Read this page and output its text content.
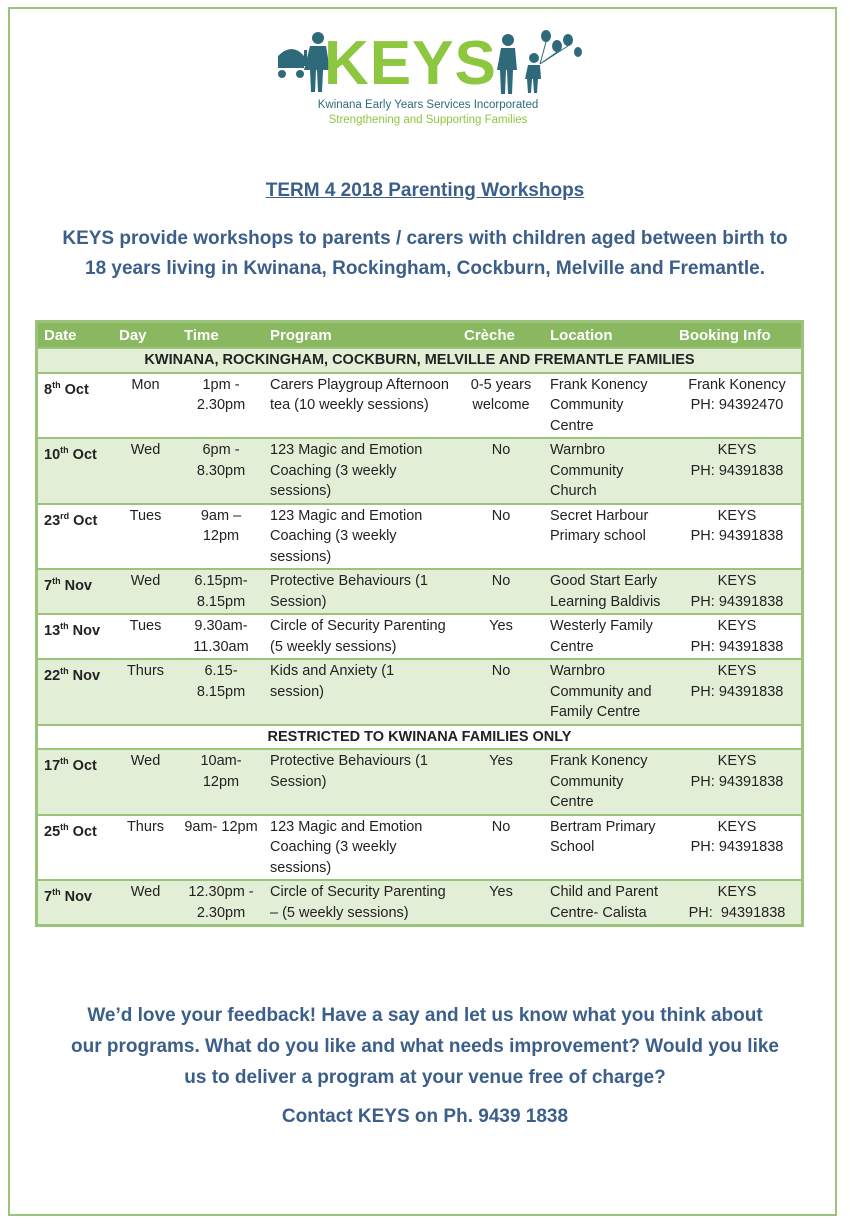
KEYS
Kwinana Early Years Services Incorporated
Strengthening and Supporting Families
TERM 4 2018 Parenting Workshops
KEYS provide workshops to parents / carers with children aged between birth to 18 years living in Kwinana, Rockingham, Cockburn, Melville and Fremantle.
Date	Day	Time	Program	Crèche	Location	Booking Info
KWINANA, ROCKINGHAM, COCKBURN, MELVILLE AND FREMANTLE FAMILIES						
8th Oct	Mon	1pm - 2.30pm	Carers Playgroup Afternoon tea (10 weekly sessions)	0-5 years welcome	Frank Konency Community Centre	Frank Konency
PH: 94392470

10th Oct	Wed	6pm - 8.30pm	123 Magic and Emotion Coaching (3 weekly sessions)	No	Warnbro Community Church	KEYS
PH: 94391838

23rd Oct	Tues	9am – 12pm	123 Magic and Emotion Coaching (3 weekly sessions)	No	Secret Harbour Primary school	KEYS
PH: 94391838

7th Nov	Wed	6.15pm- 8.15pm	Protective Behaviours (1 Session)	No	Good Start Early Learning Baldivis	KEYS
PH: 94391838

13th Nov	Tues	9.30am- 11.30am	Circle of Security Parenting (5 weekly sessions)	Yes	Westerly Family Centre	KEYS
PH: 94391838

22th Nov	Thurs	6.15- 8.15pm	Kids and Anxiety (1 session)	No	Warnbro Community and Family Centre	KEYS
PH: 94391838

RESTRICTED TO KWINANA FAMILIES ONLY						
17th Oct	Wed	10am- 12pm	Protective Behaviours (1 Session)	Yes	Frank Konency Community Centre	KEYS
PH: 94391838

25th Oct	Thurs	9am- 12pm	123 Magic and Emotion Coaching (3 weekly sessions)	No	Bertram Primary School	KEYS
PH: 94391838

7th Nov	Wed	12.30pm - 2.30pm	Circle of Security Parenting – (5 weekly sessions)	Yes	Child and Parent Centre- Calista	KEYS
PH:  94391838
We’d love your feedback! Have a say and let us know what you think about our programs. What do you like and what needs improvement? Would you like us to deliver a program at your venue free of charge?
Contact KEYS on Ph. 9439 1838
